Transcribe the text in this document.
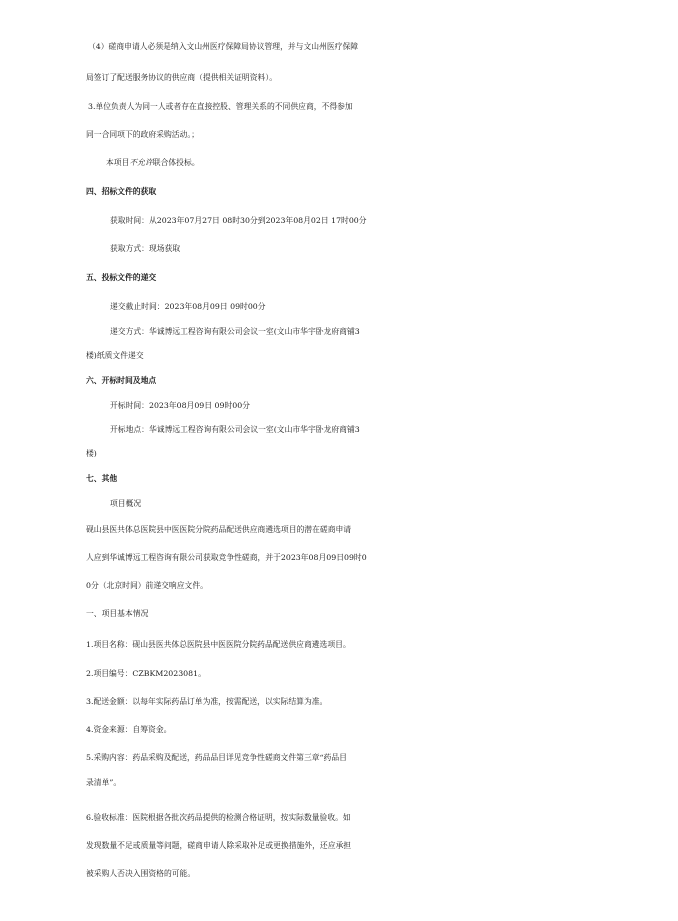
（4）磋商申请人必须是纳入文山州医疗保障局协议管理，并与文山州医疗保障
局签订了配送服务协议的供应商（提供相关证明资料）。
3.单位负责人为同一人或者存在直接控股、管理关系的不同供应商，不得参加
同一合同项下的政府采购活动。；
本项目不允许联合体投标。
四、招标文件的获取
获取时间：从2023年07月27日 08时30分到2023年08月02日 17时00分
获取方式：现场获取
五、投标文件的递交
递交截止时间：2023年08月09日 09时00分
递交方式：华诚博远工程咨询有限公司会议一室(文山市华宇卧龙府商铺3
楼)纸质文件递交
六、开标时间及地点
开标时间：2023年08月09日 09时00分
开标地点：华诚博远工程咨询有限公司会议一室(文山市华宇卧龙府商铺3
楼)
七、其他
项目概况
砚山县医共体总医院县中医医院分院药品配送供应商遴选项目的潜在磋商申请
人应到华诚博远工程咨询有限公司获取竞争性磋商，并于2023年08月09日09时0
0分（北京时间）前递交响应文件。
一、项目基本情况
1.项目名称：砚山县医共体总医院县中医医院分院药品配送供应商遴选项目。
2.项目编号：CZBKM2023081。
3.配送金额：以每年实际药品订单为准，按需配送，以实际结算为准。
4.资金来源：自筹资金。
5.采购内容：药品采购及配送，药品品目详见竞争性磋商文件第三章“药品目
录清单”。
6.验收标准：医院根据各批次药品提供的检测合格证明，按实际数量验收。如
发现数量不足或质量等问题，磋商申请人除采取补足或更换措施外，还应承担
被采购人否决入围资格的可能。
